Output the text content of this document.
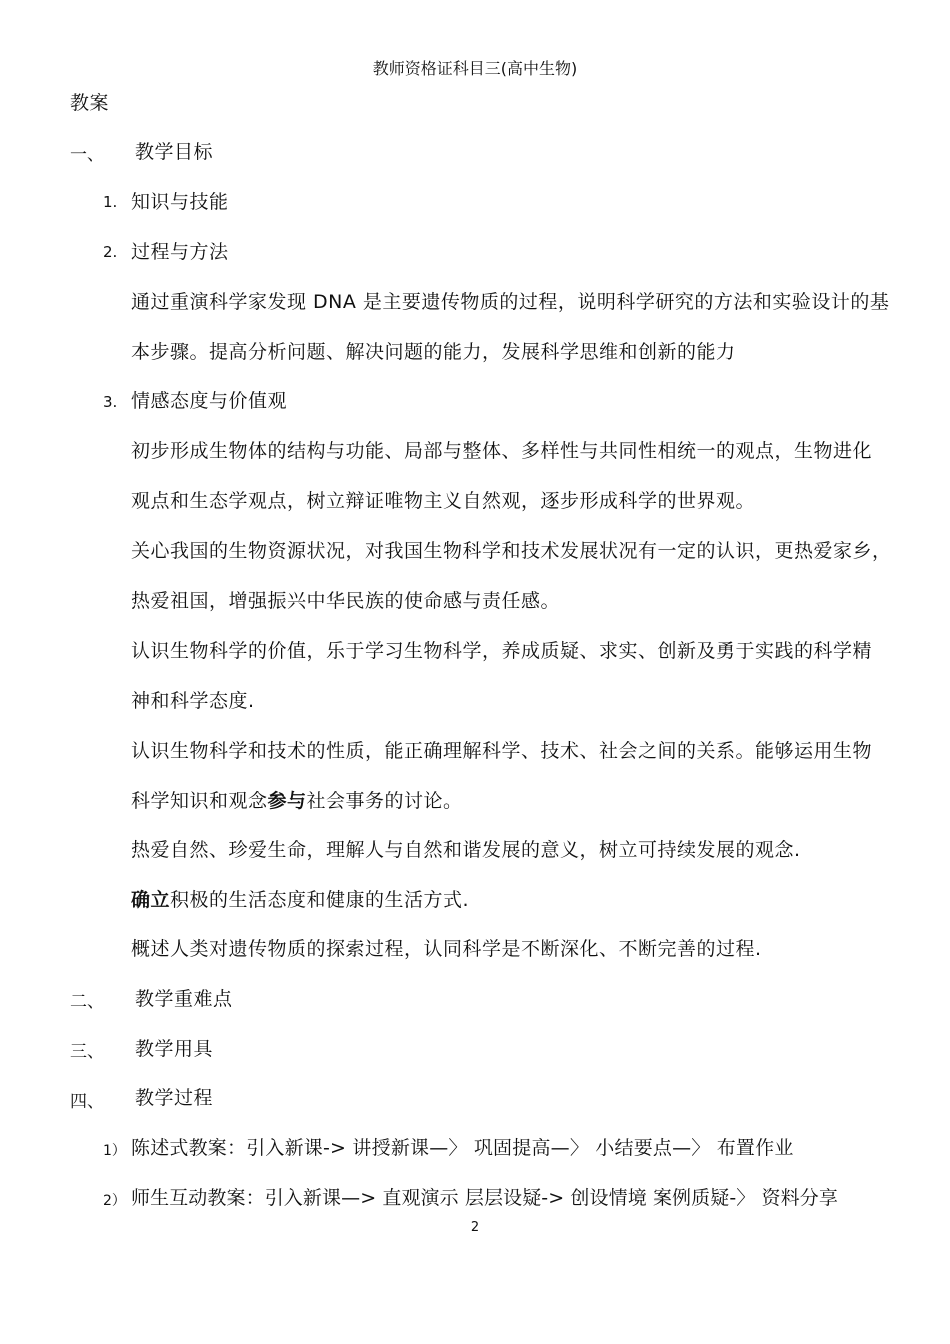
教师资格证科目三(高中生物)
教案
一、 教学目标
1. 知识与技能
2. 过程与方法
通过重演科学家发现 DNA 是主要遗传物质的过程，说明科学研究的方法和实验设计的基
本步骤。提高分析问题、解决问题的能力，发展科学思维和创新的能力
3. 情感态度与价值观
初步形成生物体的结构与功能、局部与整体、多样性与共同性相统一的观点，生物进化
观点和生态学观点，树立辩证唯物主义自然观，逐步形成科学的世界观。
关心我国的生物资源状况，对我国生物科学和技术发展状况有一定的认识，更热爱家乡，
热爱祖国，增强振兴中华民族的使命感与责任感。
认识生物科学的价值，乐于学习生物科学，养成质疑、求实、创新及勇于实践的科学精
神和科学态度.
认识生物科学和技术的性质，能正确理解科学、技术、社会之间的关系。能够运用生物
科学知识和观念参与社会事务的讨论。
热爱自然、珍爱生命，理解人与自然和谐发展的意义，树立可持续发展的观念.
确立积极的生活态度和健康的生活方式.
概述人类对遗传物质的探索过程，认同科学是不断深化、不断完善的过程.
二、 教学重难点
三、 教学用具
四、 教学过程
1） 陈述式教案：引入新课-> 讲授新课—〉 巩固提高—〉 小结要点—〉 布置作业
2） 师生互动教案：引入新课—> 直观演示 层层设疑-> 创设情境 案例质疑-〉 资料分享
2
